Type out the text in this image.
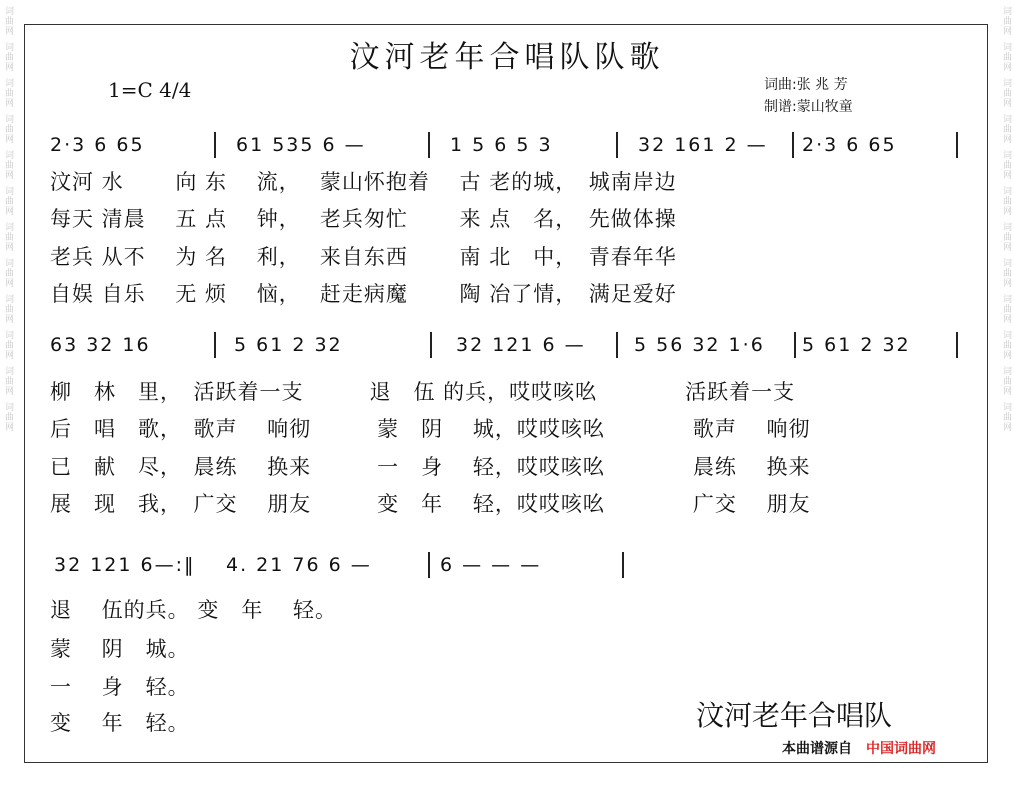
词曲网
词曲网
词曲网
词曲网
词曲网
词曲网
词曲网
词曲网
词曲网
词曲网
词曲网
词曲网
词曲网
词曲网
词曲网
词曲网
词曲网
词曲网
词曲网
词曲网
词曲网
词曲网
词曲网
词曲网
汶河老年合唱队队歌
1=C 4/4	词曲:张 兆 芳
制谱:蒙山牧童
2·3 6 65	61 535 6 —	1 5 6 5 3	32 161 2 — 2·3 6 65
汶河 水　　 向 东　 流，　 蒙山怀抱着　 古 老的城，　城南岸边
每天 清晨　 五 点　 钟，　 老兵匆忙　　 来 点　名，　先做体操
老兵 从不　 为 名　 利，　 来自东西　　 南 北　中，　青春年华
自娱 自乐　 无 烦　 恼，　 赶走病魔　　 陶 冶了情，　满足爱好
63 32 16	5 61 2 32	32 121 6 —	5 56 32 1·6 5 61 2 32
柳　林　里，　活跃着一支　　　退　伍 的兵，哎哎咳吆　　　　活跃着一支
后　唱　歌，　歌声　 响彻　　　蒙　阴　 城，哎哎咳吆　　　　歌声　 响彻
已　献　尽，　晨练　 换来　　　一　身　 轻，哎哎咳吆　　　　晨练　 换来
展　现　我，　广交　 朋友　　　变　年　 轻，哎哎咳吆　　　　广交　 朋友
32 121 6—:‖ 4. 21 76 6 —	6 — — —
退　 伍的兵。 变　年　 轻。
蒙　 阴　城。
一　 身　轻。
变　 年　轻。	汶河老年合唱队
本曲谱源自 中国词曲网
